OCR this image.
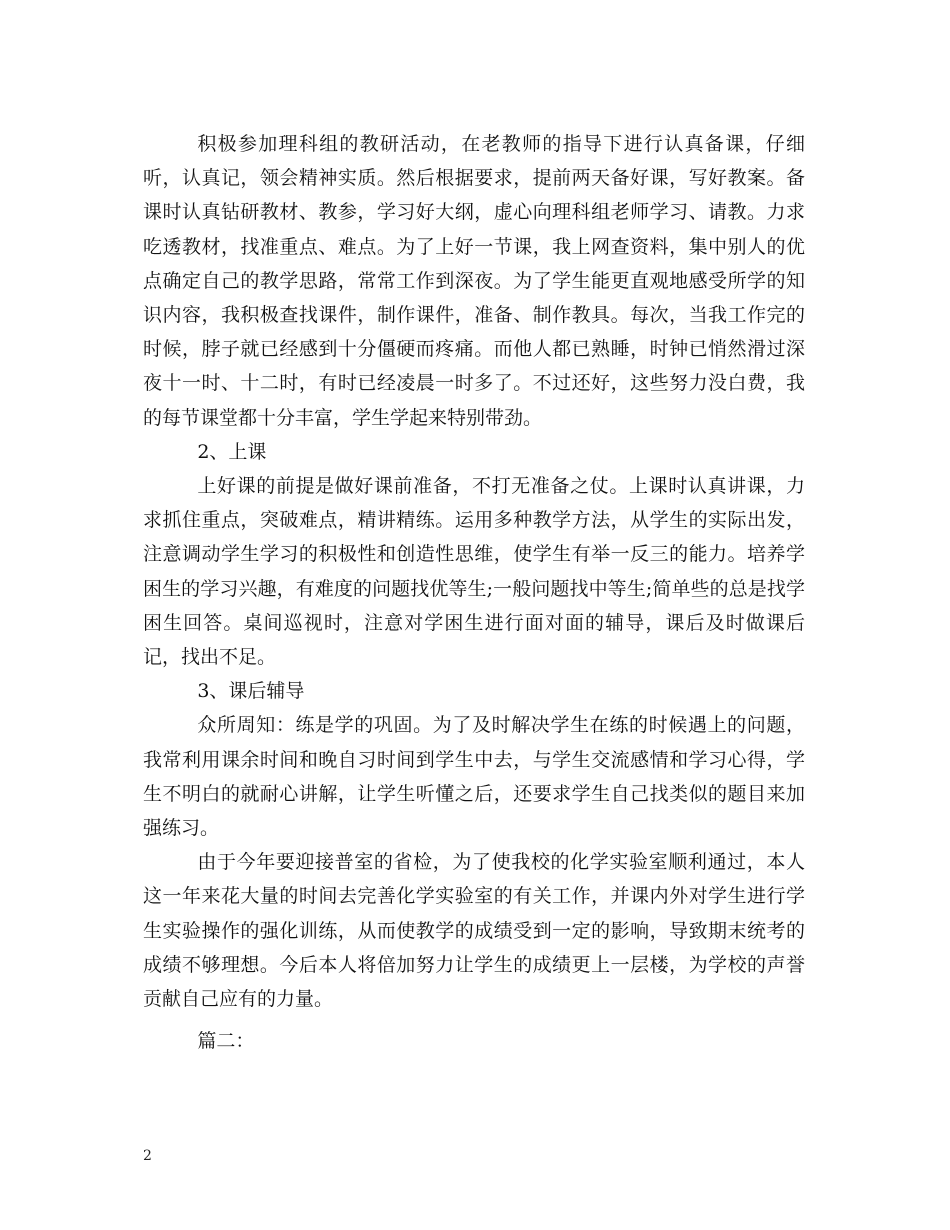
积极参加理科组的教研活动，在老教师的指导下进行认真备课，仔细听，认真记，领会精神实质。然后根据要求，提前两天备好课，写好教案。备课时认真钻研教材、教参，学习好大纲，虚心向理科组老师学习、请教。力求吃透教材，找准重点、难点。为了上好一节课，我上网查资料，集中别人的优点确定自己的教学思路，常常工作到深夜。为了学生能更直观地感受所学的知识内容，我积极查找课件，制作课件，准备、制作教具。每次，当我工作完的时候，脖子就已经感到十分僵硬而疼痛。而他人都已熟睡，时钟已悄然滑过深夜十一时、十二时，有时已经凌晨一时多了。不过还好，这些努力没白费，我的每节课堂都十分丰富，学生学起来特别带劲。

2、上课

上好课的前提是做好课前准备，不打无准备之仗。上课时认真讲课，力求抓住重点，突破难点，精讲精练。运用多种教学方法，从学生的实际出发，注意调动学生学习的积极性和创造性思维，使学生有举一反三的能力。培养学困生的学习兴趣，有难度的问题找优等生;一般问题找中等生;简单些的总是找学困生回答。桌间巡视时，注意对学困生进行面对面的辅导，课后及时做课后记，找出不足。

3、课后辅导

众所周知：练是学的巩固。为了及时解决学生在练的时候遇上的问题，我常利用课余时间和晚自习时间到学生中去，与学生交流感情和学习心得，学生不明白的就耐心讲解，让学生听懂之后，还要求学生自己找类似的题目来加强练习。

由于今年要迎接普室的省检，为了使我校的化学实验室顺利通过，本人这一年来花大量的时间去完善化学实验室的有关工作，并课内外对学生进行学生实验操作的强化训练，从而使教学的成绩受到一定的影响，导致期末统考的成绩不够理想。今后本人将倍加努力让学生的成绩更上一层楼，为学校的声誉贡献自己应有的力量。

篇二：

2
